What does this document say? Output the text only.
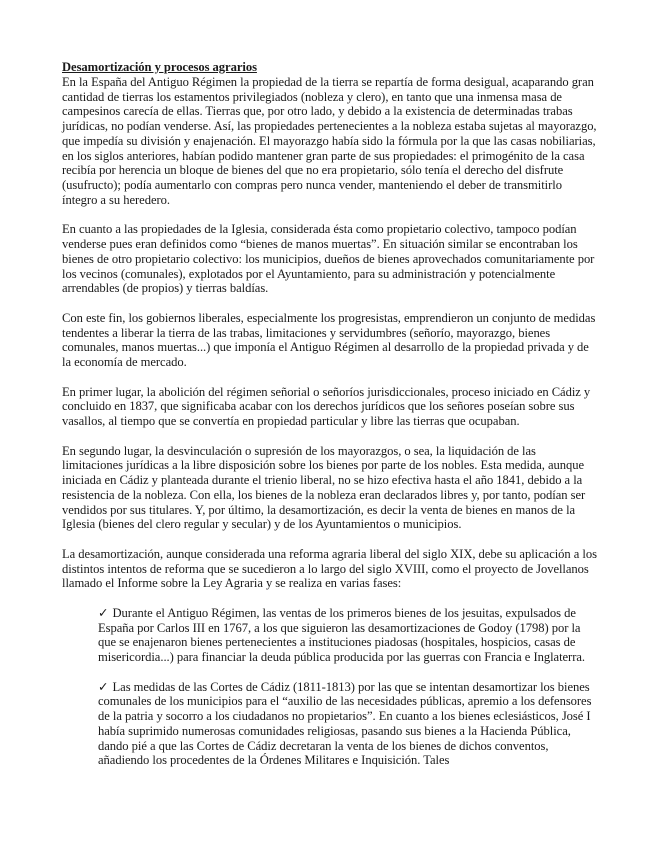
Desamortización y procesos agrarios

En la España del Antiguo Régimen la propiedad de la tierra se repartía de forma desigual, acaparando gran cantidad de tierras los estamentos privilegiados (nobleza y clero), en tanto que una inmensa masa de campesinos carecía de ellas. Tierras que, por otro lado, y debido a la existencia de determinadas trabas jurídicas, no podían venderse. Así, las propiedades pertenecientes a la nobleza estaba sujetas al mayorazgo, que impedía su división y enajenación. El mayorazgo había sido la fórmula por la que las casas nobiliarias, en los siglos anteriores, habían podido mantener gran parte de sus propiedades: el primogénito de la casa recibía por herencia un bloque de bienes del que no era propietario, sólo tenía el derecho del disfrute (usufructo); podía aumentarlo con compras pero nunca vender, manteniendo el deber de transmitirlo íntegro a su heredero.

En cuanto a las propiedades de la Iglesia, considerada ésta como propietario colectivo, tampoco podían venderse pues eran definidos como “bienes de manos muertas”. En situación similar se encontraban los bienes de otro propietario colectivo: los municipios, dueños de bienes aprovechados comunitariamente por los vecinos (comunales), explotados por el Ayuntamiento, para su administración y potencialmente arrendables (de propios) y tierras baldías.

Con este fin, los gobiernos liberales, especialmente los progresistas, emprendieron un conjunto de medidas tendentes a liberar la tierra de las trabas, limitaciones y servidumbres (señorío, mayorazgo, bienes comunales, manos muertas...) que imponía el Antiguo Régimen al desarrollo de la propiedad privada y de la economía de mercado.

En primer lugar, la abolición del régimen señorial o señoríos jurisdiccionales, proceso iniciado en Cádiz y concluido en 1837, que significaba acabar con los derechos jurídicos que los señores poseían sobre sus vasallos, al tiempo que se convertía en propiedad particular y libre las tierras que ocupaban.

En segundo lugar, la desvinculación o supresión de los mayorazgos, o sea, la liquidación de las limitaciones jurídicas a la libre disposición sobre los bienes por parte de los nobles. Esta medida, aunque iniciada en Cádiz y planteada durante el trienio liberal, no se hizo efectiva hasta el año 1841, debido a la resistencia de la nobleza. Con ella, los bienes de la nobleza eran declarados libres y, por tanto, podían ser vendidos por sus titulares. Y, por último, la desamortización, es decir la venta de bienes en manos de la Iglesia (bienes del clero regular y secular) y de los Ayuntamientos o municipios.

La desamortización, aunque considerada una reforma agraria liberal del siglo XIX, debe su aplicación a los distintos intentos de reforma que se sucedieron a lo largo del siglo XVIII, como el proyecto de Jovellanos llamado el Informe sobre la Ley Agraria y se realiza en varias fases:

✓ Durante el Antiguo Régimen, las ventas de los primeros bienes de los jesuitas, expulsados de España por Carlos III en 1767, a los que siguieron las desamortizaciones de Godoy (1798) por la que se enajenaron bienes pertenecientes a instituciones piadosas (hospitales, hospicios, casas de misericordia...) para financiar la deuda pública producida por las guerras con Francia e Inglaterra.

✓ Las medidas de las Cortes de Cádiz (1811-1813) por las que se intentan desamortizar los bienes comunales de los municipios para el “auxilio de las necesidades públicas, apremio a los defensores de la patria y socorro a los ciudadanos no propietarios”. En cuanto a los bienes eclesiásticos, José I había suprimido numerosas comunidades religiosas, pasando sus bienes a la Hacienda Pública, dando pié a que las Cortes de Cádiz decretaran la venta de los bienes de dichos conventos, añadiendo los procedentes de la Órdenes Militares e Inquisición. Tales
